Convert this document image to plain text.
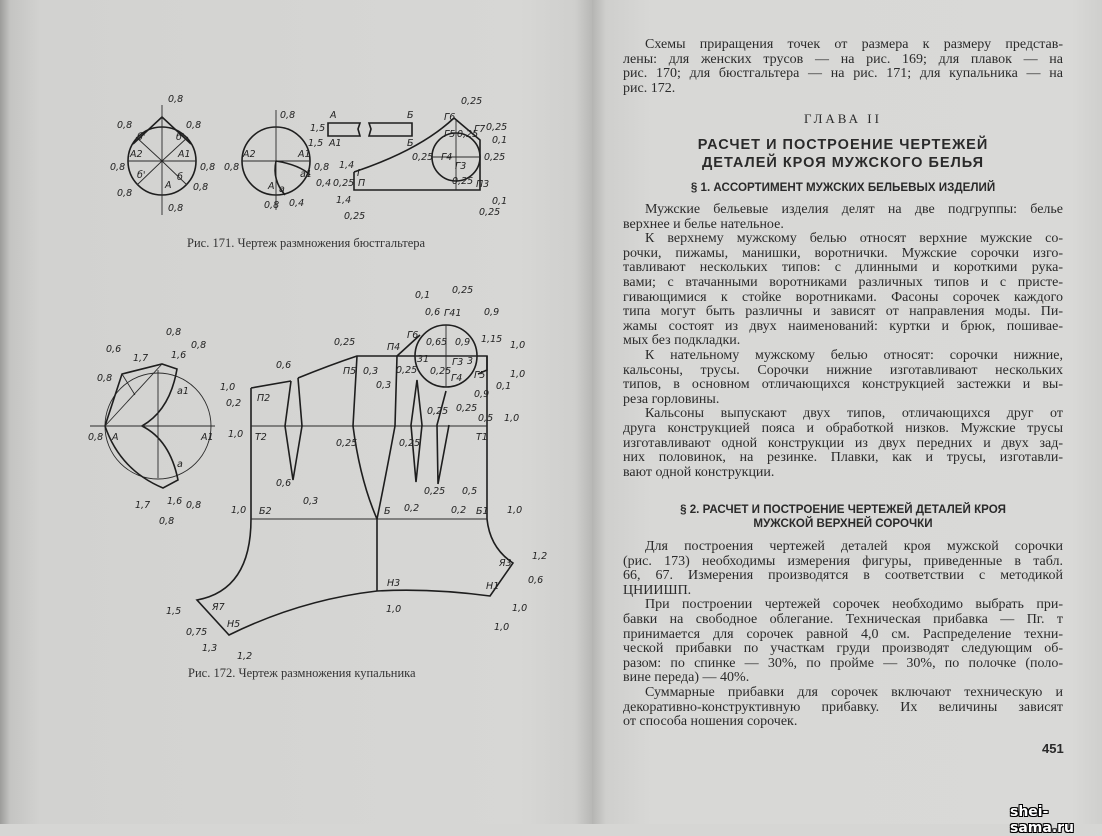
Рис. 171. Чертеж размножения бюстгальтера
0,8
0,8
б'	б'
0,8
А2	А1
0,8	0,8
б'	б
А
0,8
0,8
0,8
0,8
А2	А1
0,8	0,8
а1
0,4
А а
0,8 0,4
А	Б
1,5
1,5 А1	Б
0,25
Г6
Г7 0,25
0,1
Г5 0,25
0,25 Г4	0,25
Г3
1,4
Г
0,25 П	0,25 П3
1,4
0,25
0,1
0,25
Рис. 172. Чертеж размножения купальника
0,1 0,25
0,6 Г41 0,9
Г6
0,65 0,9 1,15
1,0
0,25	П4
0,6
П5 0,3 0,25
31
0,25
Г3 3
Г4 Г5	1,0
0,1
0,3
1,0
0,2 П2
0,8
0,6
1,7 1,6
0,8
0,8
а1
0,8 А	А1
а
1,7 1,6 0,8
0,8
1,0 Т2
0,25	0,25
0,25
0,9
0,25
0,5 1,0
Т1
0,6
0,3
0,2
0,25 0,5
0,2
1,0 Б2	Б	Б1 1,0
Я3
1,2
0,6
Н3	Н1
1,0	1,0
1,0
Я7
1,5
0,75
Н5
1,3
1,2
Схемы приращения точек от размера к размеру представ-
лены: для женских трусов — на рис. 169; для плавок — на
рис. 170; для бюстгальтера — на рис. 171; для купальника — на
рис. 172.
ГЛАВА II
РАСЧЕТ И ПОСТРОЕНИЕ ЧЕРТЕЖЕЙ
ДЕТАЛЕЙ КРОЯ МУЖСКОГО БЕЛЬЯ
§ 1. АССОРТИМЕНТ МУЖСКИХ БЕЛЬЕВЫХ ИЗДЕЛИЙ
Мужские бельевые изделия делят на две подгруппы: белье
верхнее и белье нательное.
К верхнему мужскому белью относят верхние мужские со-
рочки, пижамы, манишки, воротнички. Мужские сорочки изго-
тавливают нескольких типов: с длинными и короткими рука-
вами; с втачанными воротниками различных типов и с присте-
гивающимися к стойке воротниками. Фасоны сорочек каждого
типа могут быть различны и зависят от направления моды. Пи-
жамы состоят из двух наименований: куртки и брюк, пошивае-
мых без подкладки.
К нательному мужскому белью относят: сорочки нижние,
кальсоны, трусы. Сорочки нижние изготавливают нескольких
типов, в основном отличающихся конструкцией застежки и вы-
реза горловины.
Кальсоны выпускают двух типов, отличающихся друг от
друга конструкцией пояса и обработкой низков. Мужские трусы
изготавливают одной конструкции из двух передних и двух зад-
них половинок, на резинке. Плавки, как и трусы, изготавли-
вают одной конструкции.
§ 2. РАСЧЕТ И ПОСТРОЕНИЕ ЧЕРТЕЖЕЙ ДЕТАЛЕЙ КРОЯ
МУЖСКОЙ ВЕРХНЕЙ СОРОЧКИ
Для построения чертежей деталей кроя мужской сорочки
(рис. 173) необходимы измерения фигуры, приведенные в табл.
66, 67. Измерения производятся в соответствии с методикой
ЦНИИШП.
При построении чертежей сорочек необходимо выбрать при-
бавки на свободное облегание. Техническая прибавка — Пг. т
принимается для сорочек равной 4,0 см. Распределение техни-
ческой прибавки по участкам груди производят следующим об-
разом: по спинке — 30%, по пройме — 30%, по полочке (поло-
вине переда) — 40%.
Суммарные прибавки для сорочек включают техническую и
декоративно-конструктивную прибавку. Их величины зависят
от способа ношения сорочек.
451
shei-sama.ru
